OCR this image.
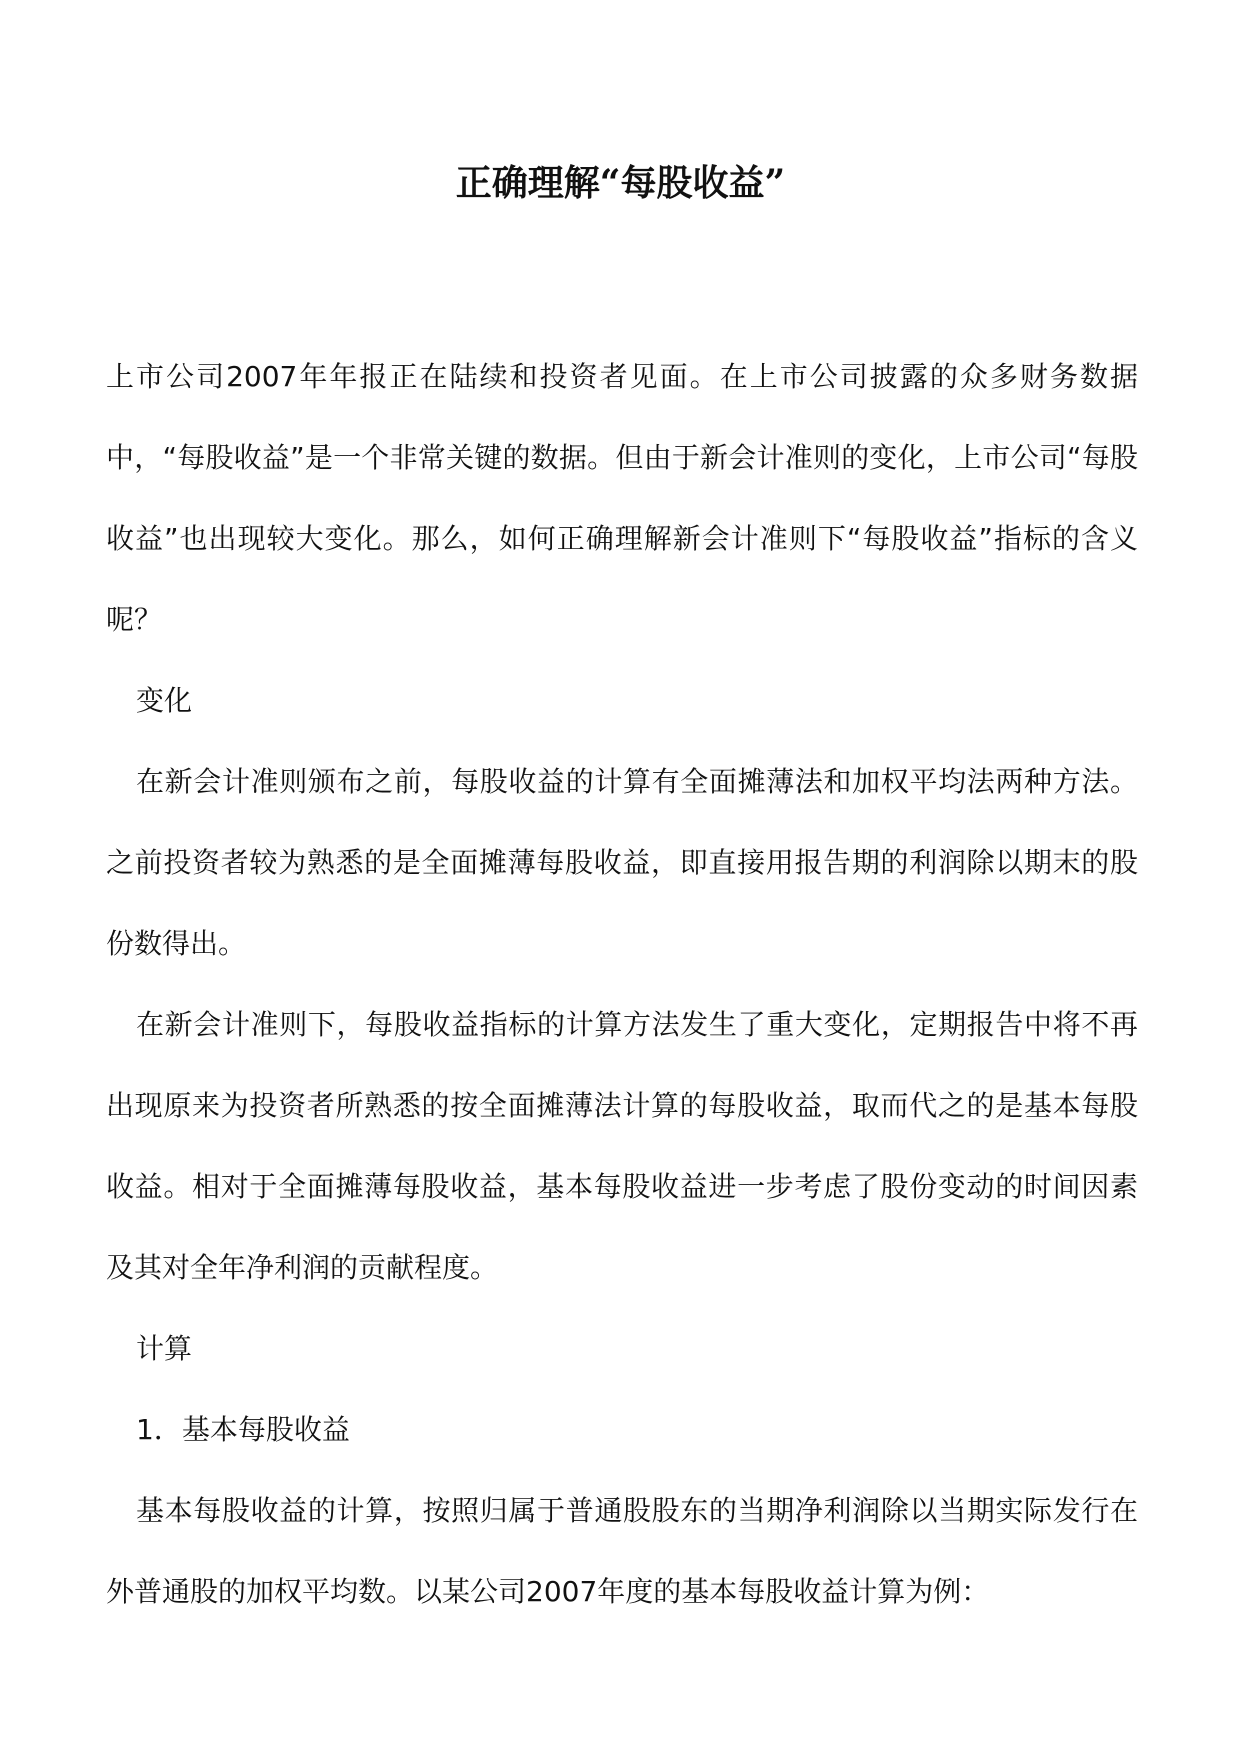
正确理解“每股收益”

上市公司2007年年报正在陆续和投资者见面。在上市公司披露的众多财务数据中，“每股收益”是一个非常关键的数据。但由于新会计准则的变化，上市公司“每股收益”也出现较大变化。那么，如何正确理解新会计准则下“每股收益”指标的含义呢？

变化

在新会计准则颁布之前，每股收益的计算有全面摊薄法和加权平均法两种方法。之前投资者较为熟悉的是全面摊薄每股收益，即直接用报告期的利润除以期末的股份数得出。

在新会计准则下，每股收益指标的计算方法发生了重大变化，定期报告中将不再出现原来为投资者所熟悉的按全面摊薄法计算的每股收益，取而代之的是基本每股收益。相对于全面摊薄每股收益，基本每股收益进一步考虑了股份变动的时间因素及其对全年净利润的贡献程度。

计算

1．基本每股收益

基本每股收益的计算，按照归属于普通股股东的当期净利润除以当期实际发行在外普通股的加权平均数。以某公司2007年度的基本每股收益计算为例：
